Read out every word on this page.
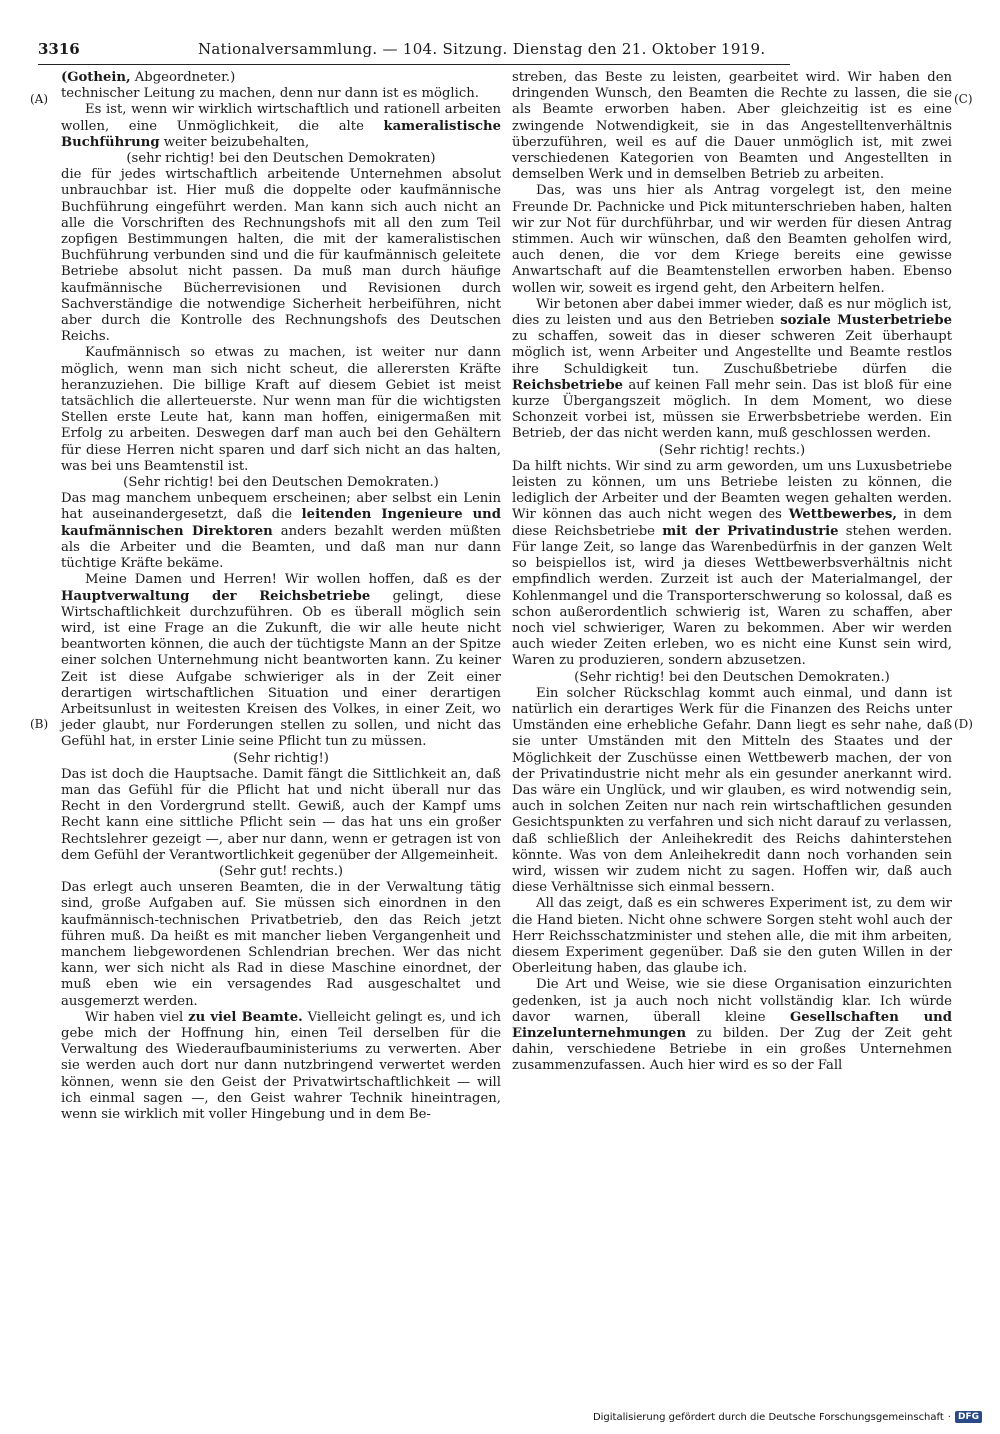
3316	Nationalversammlung. — 104. Sitzung. Dienstag den 21. Oktober 1919.
(A)
(B)
(C)
(D)

(Gothein, Abgeordneter.)

technischer Leitung zu machen, denn nur dann ist es möglich.

Es ist, wenn wir wirklich wirtschaftlich und rationell arbeiten wollen, eine Unmöglichkeit, die alte kameralistische Buchführung weiter beizubehalten,

(sehr richtig! bei den Deutschen Demokraten)

die für jedes wirtschaftlich arbeitende Unternehmen absolut unbrauchbar ist. Hier muß die doppelte oder kaufmännische Buchführung eingeführt werden. Man kann sich auch nicht an alle die Vorschriften des Rechnungshofs mit all den zum Teil zopfigen Bestimmungen halten, die mit der kameralistischen Buchführung verbunden sind und die für kaufmännisch geleitete Betriebe absolut nicht passen. Da muß man durch häufige kaufmännische Bücherrevisionen und Revisionen durch Sachverständige die notwendige Sicherheit herbeiführen, nicht aber durch die Kontrolle des Rechnungshofs des Deutschen Reichs.

Kaufmännisch so etwas zu machen, ist weiter nur dann möglich, wenn man sich nicht scheut, die allerersten Kräfte heranzuziehen. Die billige Kraft auf diesem Gebiet ist meist tatsächlich die allerteuerste. Nur wenn man für die wichtigsten Stellen erste Leute hat, kann man hoffen, einigermaßen mit Erfolg zu arbeiten. Deswegen darf man auch bei den Gehältern für diese Herren nicht sparen und darf sich nicht an das halten, was bei uns Beamtenstil ist.

(Sehr richtig! bei den Deutschen Demokraten.)

Das mag manchem unbequem erscheinen; aber selbst ein Lenin hat auseinandergesetzt, daß die leitenden Ingenieure und kaufmännischen Direktoren anders bezahlt werden müßten als die Arbeiter und die Beamten, und daß man nur dann tüchtige Kräfte bekäme.

Meine Damen und Herren! Wir wollen hoffen, daß es der Hauptverwaltung der Reichsbetriebe gelingt, diese Wirtschaftlichkeit durchzuführen. Ob es überall möglich sein wird, ist eine Frage an die Zukunft, die wir alle heute nicht beantworten können, die auch der tüchtigste Mann an der Spitze einer solchen Unternehmung nicht beantworten kann. Zu keiner Zeit ist diese Aufgabe schwieriger als in der Zeit einer derartigen wirtschaftlichen Situation und einer derartigen Arbeitsunlust in weitesten Kreisen des Volkes, in einer Zeit, wo jeder glaubt, nur Forderungen stellen zu sollen, und nicht das Gefühl hat, in erster Linie seine Pflicht tun zu müssen.

(Sehr richtig!)

Das ist doch die Hauptsache. Damit fängt die Sittlichkeit an, daß man das Gefühl für die Pflicht hat und nicht überall nur das Recht in den Vordergrund stellt. Gewiß, auch der Kampf ums Recht kann eine sittliche Pflicht sein — das hat uns ein großer Rechtslehrer gezeigt —, aber nur dann, wenn er getragen ist von dem Gefühl der Verantwortlichkeit gegenüber der Allgemeinheit.

(Sehr gut! rechts.)

Das erlegt auch unseren Beamten, die in der Verwaltung tätig sind, große Aufgaben auf. Sie müssen sich einordnen in den kaufmännisch-technischen Privatbetrieb, den das Reich jetzt führen muß. Da heißt es mit mancher lieben Vergangenheit und manchem liebgewordenen Schlendrian brechen. Wer das nicht kann, wer sich nicht als Rad in diese Maschine einordnet, der muß eben wie ein versagendes Rad ausgeschaltet und ausgemerzt werden.

Wir haben viel zu viel Beamte. Vielleicht gelingt es, und ich gebe mich der Hoffnung hin, einen Teil derselben für die Verwaltung des Wiederaufbauministeriums zu verwerten. Aber sie werden auch dort nur dann nutzbringend verwertet werden können, wenn sie den Geist der Privatwirtschaftlichkeit — will ich einmal sagen —, den Geist wahrer Technik hineintragen, wenn sie wirklich mit voller Hingebung und in dem Be-

streben, das Beste zu leisten, gearbeitet wird. Wir haben den dringenden Wunsch, den Beamten die Rechte zu lassen, die sie als Beamte erworben haben. Aber gleichzeitig ist es eine zwingende Notwendigkeit, sie in das Angestelltenverhältnis überzuführen, weil es auf die Dauer unmöglich ist, mit zwei verschiedenen Kategorien von Beamten und Angestellten in demselben Werk und in demselben Betrieb zu arbeiten.

Das, was uns hier als Antrag vorgelegt ist, den meine Freunde Dr. Pachnicke und Pick mitunterschrieben haben, halten wir zur Not für durchführbar, und wir werden für diesen Antrag stimmen. Auch wir wünschen, daß den Beamten geholfen wird, auch denen, die vor dem Kriege bereits eine gewisse Anwartschaft auf die Beamtenstellen erworben haben. Ebenso wollen wir, soweit es irgend geht, den Arbeitern helfen.

Wir betonen aber dabei immer wieder, daß es nur möglich ist, dies zu leisten und aus den Betrieben soziale Musterbetriebe zu schaffen, soweit das in dieser schweren Zeit überhaupt möglich ist, wenn Arbeiter und Angestellte und Beamte restlos ihre Schuldigkeit tun. Zuschußbetriebe dürfen die Reichsbetriebe auf keinen Fall mehr sein. Das ist bloß für eine kurze Übergangszeit möglich. In dem Moment, wo diese Schonzeit vorbei ist, müssen sie Erwerbsbetriebe werden. Ein Betrieb, der das nicht werden kann, muß geschlossen werden.

(Sehr richtig! rechts.)

Da hilft nichts. Wir sind zu arm geworden, um uns Luxusbetriebe leisten zu können, um uns Betriebe leisten zu können, die lediglich der Arbeiter und der Beamten wegen gehalten werden. Wir können das auch nicht wegen des Wettbewerbes, in dem diese Reichsbetriebe mit der Privatindustrie stehen werden. Für lange Zeit, so lange das Warenbedürfnis in der ganzen Welt so beispiellos ist, wird ja dieses Wettbewerbsverhältnis nicht empfindlich werden. Zurzeit ist auch der Materialmangel, der Kohlenmangel und die Transporterschwerung so kolossal, daß es schon außerordentlich schwierig ist, Waren zu schaffen, aber noch viel schwieriger, Waren zu bekommen. Aber wir werden auch wieder Zeiten erleben, wo es nicht eine Kunst sein wird, Waren zu produzieren, sondern abzusetzen.

(Sehr richtig! bei den Deutschen Demokraten.)

Ein solcher Rückschlag kommt auch einmal, und dann ist natürlich ein derartiges Werk für die Finanzen des Reichs unter Umständen eine erhebliche Gefahr. Dann liegt es sehr nahe, daß sie unter Umständen mit den Mitteln des Staates und der Möglichkeit der Zuschüsse einen Wettbewerb machen, der von der Privatindustrie nicht mehr als ein gesunder anerkannt wird. Das wäre ein Unglück, und wir glauben, es wird notwendig sein, auch in solchen Zeiten nur nach rein wirtschaftlichen gesunden Gesichtspunkten zu verfahren und sich nicht darauf zu verlassen, daß schließlich der Anleihekredit des Reichs dahinterstehen könnte. Was von dem Anleihekredit dann noch vorhanden sein wird, wissen wir zudem nicht zu sagen. Hoffen wir, daß auch diese Verhältnisse sich einmal bessern.

All das zeigt, daß es ein schweres Experiment ist, zu dem wir die Hand bieten. Nicht ohne schwere Sorgen steht wohl auch der Herr Reichsschatzminister und stehen alle, die mit ihm arbeiten, diesem Experiment gegenüber. Daß sie den guten Willen in der Oberleitung haben, das glaube ich.

Die Art und Weise, wie sie diese Organisation einzurichten gedenken, ist ja auch noch nicht vollständig klar. Ich würde davor warnen, überall kleine Gesellschaften und Einzelunternehmungen zu bilden. Der Zug der Zeit geht dahin, verschiedene Betriebe in ein großes Unternehmen zusammenzufassen. Auch hier wird es so der Fall

Digitalisierung gefördert durch die Deutsche Forschungsgemeinschaft · DFG
